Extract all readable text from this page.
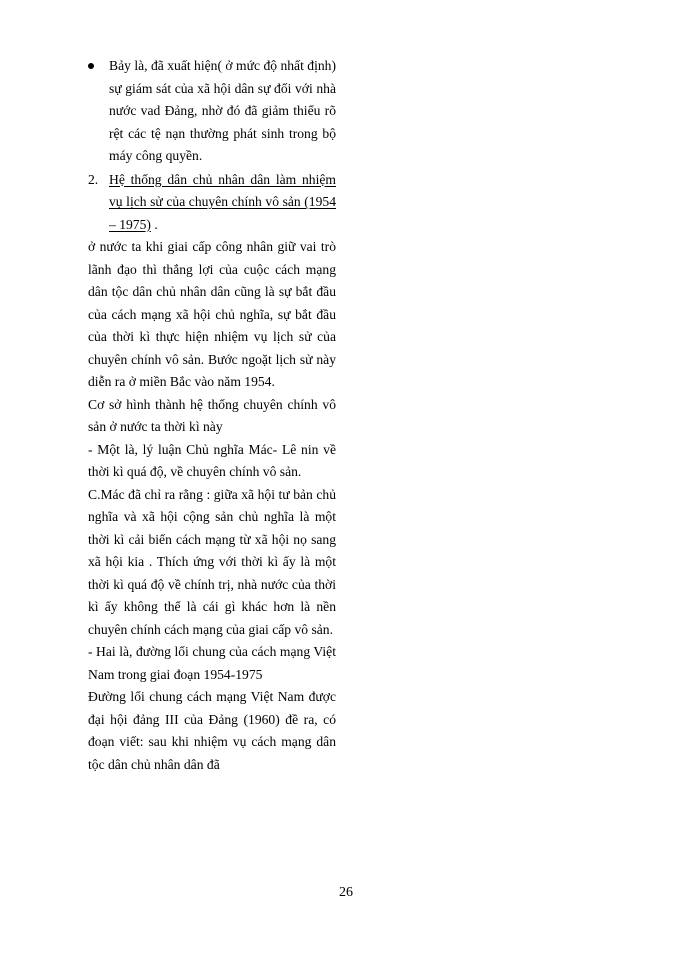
Bảy là, đã xuất hiện( ở mức độ nhất định) sự giám sát của xã hội dân sự đối với nhà nước vad Đảng, nhờ đó đã giảm thiểu rõ rệt các tệ nạn thường phát sinh trong bộ máy công quyền.

2. Hệ thống dân chủ nhân dân làm nhiệm vụ lịch sử của chuyên chính vô sản (1954 – 1975) .

ở nước ta khi giai cấp công nhân giữ vai trò lãnh đạo thì thắng lợi của cuộc cách mạng dân tộc dân chủ nhân dân cũng là sự bắt đầu của cách mạng xã hội chủ nghĩa, sự bắt đầu của thời kì thực hiện nhiệm vụ lịch sử của chuyên chính vô sản. Bước ngoặt lịch sử này diễn ra ở miền Bắc vào năm 1954.

Cơ sở hình thành hệ thống chuyên chính vô sản ở nước ta thời kì này

- Một là, lý luận Chủ nghĩa Mác- Lê nin về thời kì quá độ, về chuyên chính vô sản.

C.Mác đã chỉ ra rằng : giữa xã hội tư bản chủ nghĩa và xã hội cộng sản chủ nghĩa là một thời kì cải biến cách mạng từ xã hội nọ sang xã hội kia . Thích ứng với thời kì ấy là một thời kì quá độ về chính trị, nhà nước của thời kì ấy không thể là cái gì khác hơn là nền chuyên chính cách mạng của giai cấp vô sản.

- Hai là, đường lối chung của cách mạng Việt Nam trong giai đoạn 1954-1975

Đường lối chung cách mạng Việt Nam được đại hội đảng III của Đảng (1960) đề ra, có đoạn viết: sau khi nhiệm vụ cách mạng dân tộc dân chủ nhân dân đã

26
